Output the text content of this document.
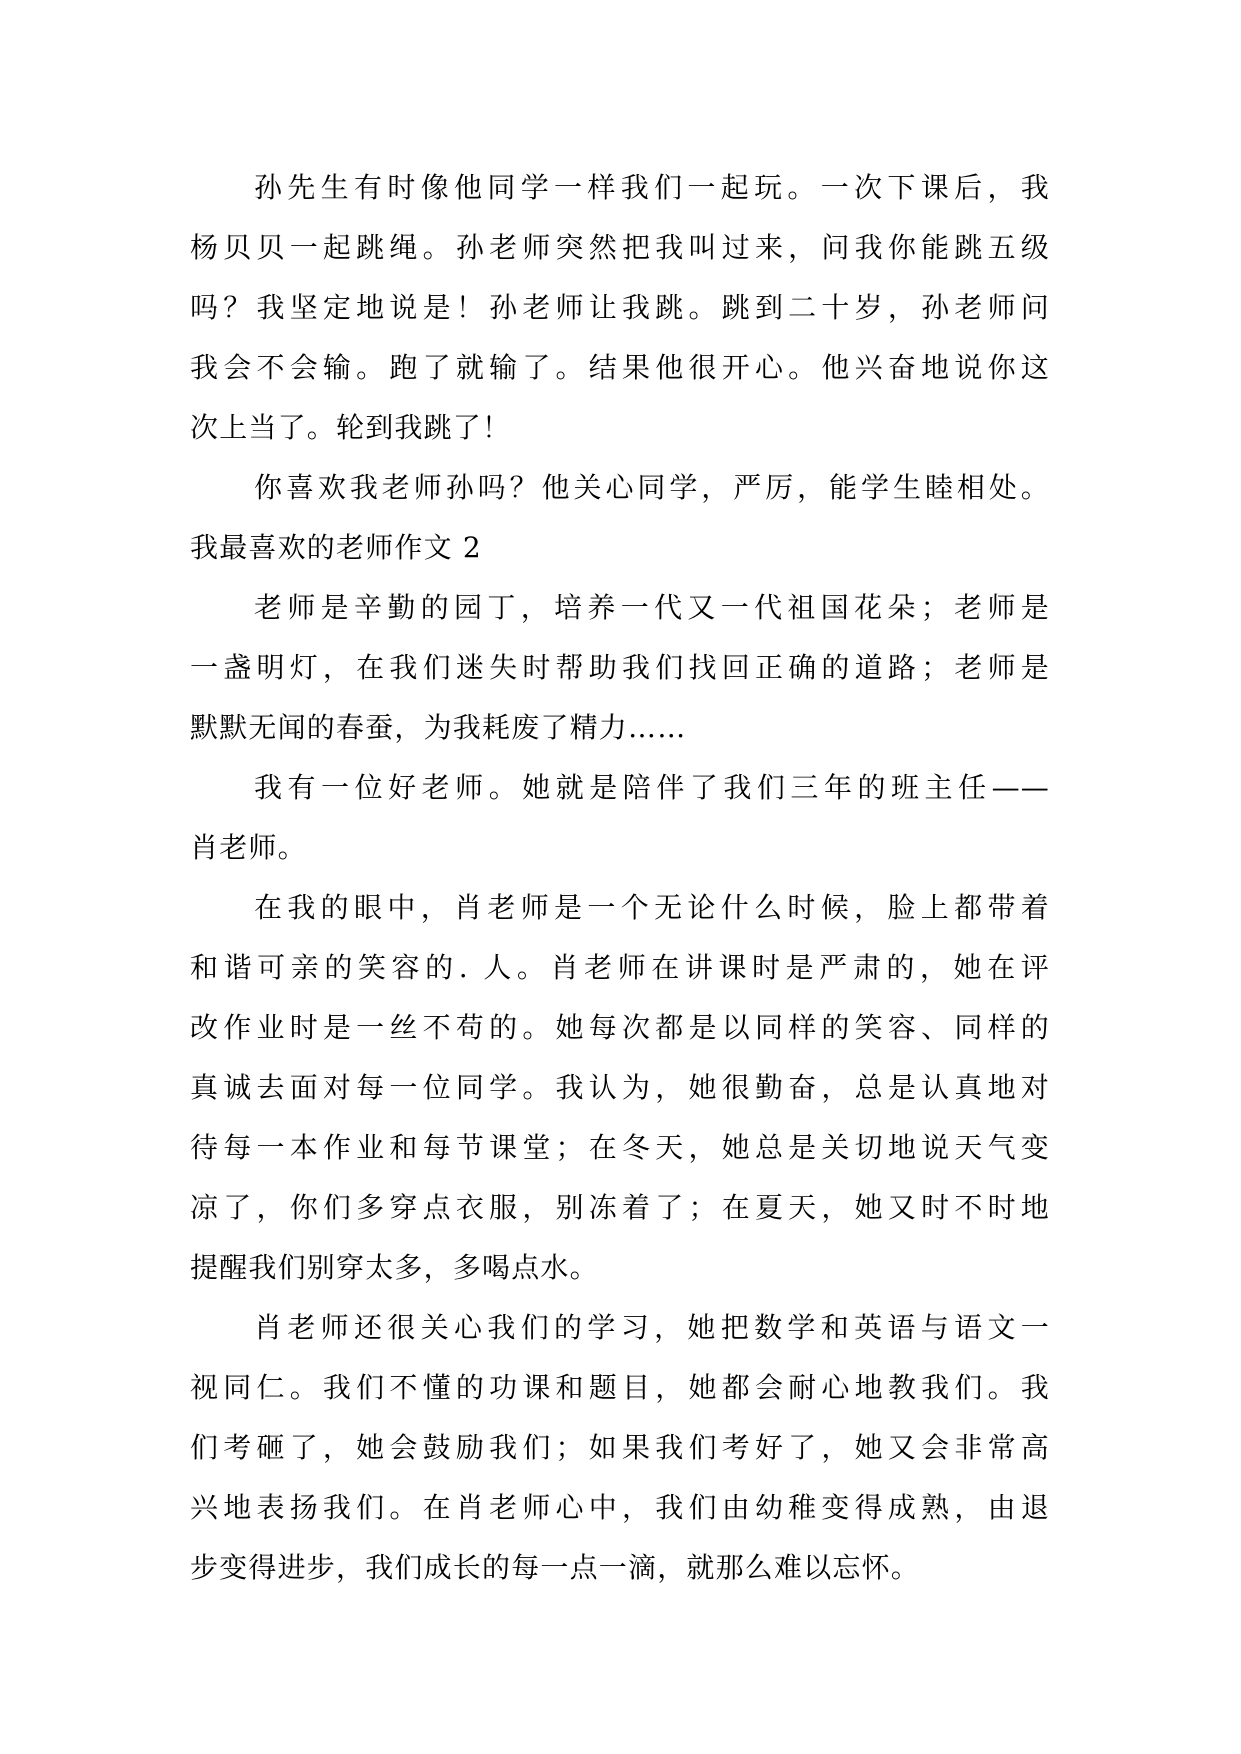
孙先生有时像他同学一样我们一起玩。一次下课后，我
杨贝贝一起跳绳。孙老师突然把我叫过来，问我你能跳五级
吗？我坚定地说是！孙老师让我跳。跳到二十岁，孙老师问
我会不会输。跑了就输了。结果他很开心。他兴奋地说你这
次上当了。轮到我跳了！
你喜欢我老师孙吗？他关心同学，严厉，能学生睦相处。
我最喜欢的老师作文 2
老师是辛勤的园丁，培养一代又一代祖国花朵；老师是
一盏明灯，在我们迷失时帮助我们找回正确的道路；老师是
默默无闻的春蚕，为我耗废了精力……
我有一位好老师。她就是陪伴了我们三年的班主任——
肖老师。
在我的眼中，肖老师是一个无论什么时候，脸上都带着
和谐可亲的笑容的. 人。肖老师在讲课时是严肃的，她在评
改作业时是一丝不苟的。她每次都是以同样的笑容、同样的
真诚去面对每一位同学。我认为，她很勤奋，总是认真地对
待每一本作业和每节课堂；在冬天，她总是关切地说天气变
凉了，你们多穿点衣服，别冻着了；在夏天，她又时不时地
提醒我们别穿太多，多喝点水。
肖老师还很关心我们的学习，她把数学和英语与语文一
视同仁。我们不懂的功课和题目，她都会耐心地教我们。我
们考砸了，她会鼓励我们；如果我们考好了，她又会非常高
兴地表扬我们。在肖老师心中，我们由幼稚变得成熟，由退
步变得进步，我们成长的每一点一滴，就那么难以忘怀。
